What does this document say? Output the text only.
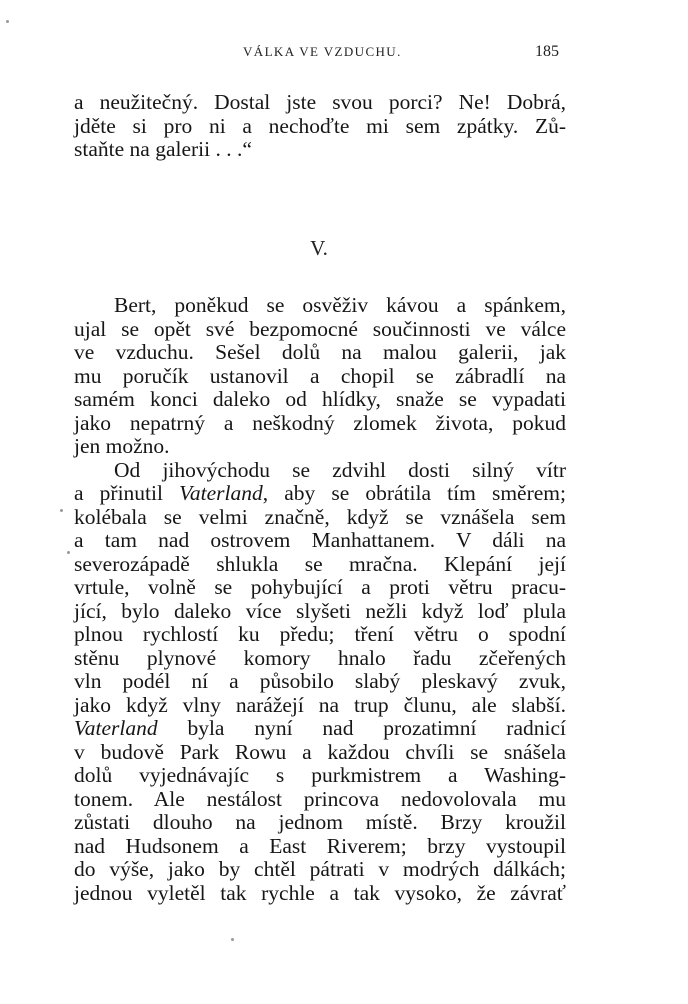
VÁLKA VE VZDUCHU.	185
a neužitečný. Dostal jste svou porci? Ne! Dobrá,
jděte si pro ni a nechoďte mi sem zpátky. Zů-
staňte na galerii . . .“
V.
Bert, poněkud se osvěživ kávou a spánkem,
ujal se opět své bezpomocné součinnosti ve válce
ve vzduchu. Sešel dolů na malou galerii, jak
mu poručík ustanovil a chopil se zábradlí na
samém konci daleko od hlídky, snaže se vypadati
jako nepatrný a neškodný zlomek života, pokud
jen možno.
Od jihovýchodu se zdvihl dosti silný vítr
a přinutil Vaterland, aby se obrátila tím směrem;
kolébala se velmi značně, když se vznášela sem
a tam nad ostrovem Manhattanem. V dáli na
severozápadě shlukla se mračna. Klepání její
vrtule, volně se pohybující a proti větru pracu-
jící, bylo daleko více slyšeti nežli když loď plula
plnou rychlostí ku předu; tření větru o spodní
stěnu plynové komory hnalo řadu zčeřených
vln podél ní a působilo slabý pleskavý zvuk,
jako když vlny narážejí na trup člunu, ale slabší.
Vaterland byla nyní nad prozatimní radnicí
v budově Park Rowu a každou chvíli se snášela
dolů vyjednávajíc s purkmistrem a Washing-
tonem. Ale nestálost princova nedovolovala mu
zůstati dlouho na jednom místě. Brzy kroužil
nad Hudsonem a East Riverem; brzy vystoupil
do výše, jako by chtěl pátrati v modrých dálkách;
jednou vyletěl tak rychle a tak vysoko, že závrať
